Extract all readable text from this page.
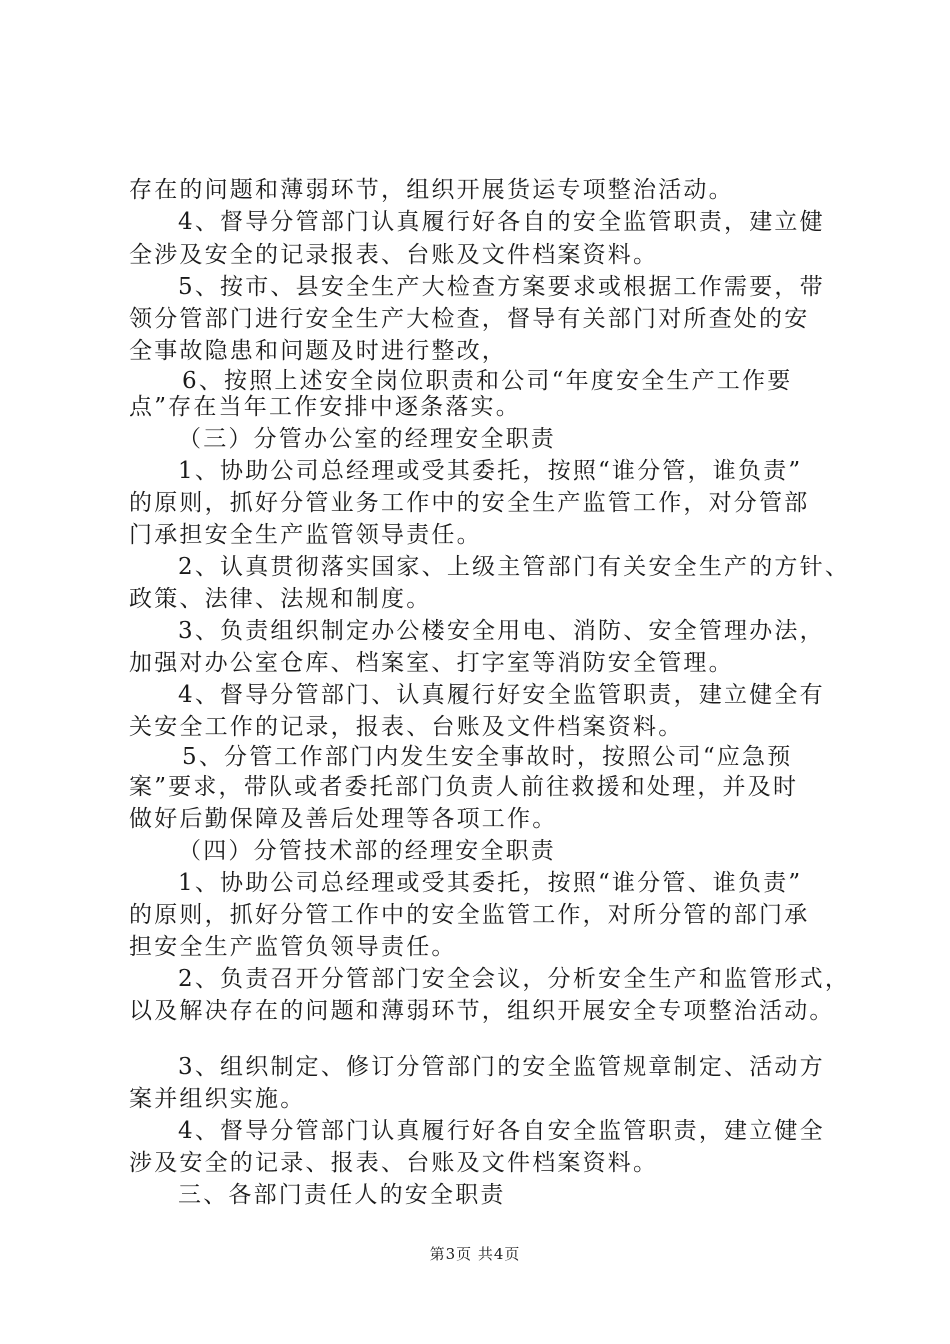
存在的问题和薄弱环节，组织开展货运专项整治活动。
4、督导分管部门认真履行好各自的安全监管职责，建立健
全涉及安全的记录报表、台账及文件档案资料。
5、按市、县安全生产大检查方案要求或根据工作需要，带
领分管部门进行安全生产大检查，督导有关部门对所查处的安
全事故隐患和问题及时进行整改，
6、按照上述安全岗位职责和公司“年度安全生产工作要
点”存在当年工作安排中逐条落实。
（三）分管办公室的经理安全职责
1、协助公司总经理或受其委托，按照“谁分管，谁负责”
的原则，抓好分管业务工作中的安全生产监管工作，对分管部
门承担安全生产监管领导责任。
2、认真贯彻落实国家、上级主管部门有关安全生产的方针、
政策、法律、法规和制度。
3、负责组织制定办公楼安全用电、消防、安全管理办法，
加强对办公室仓库、档案室、打字室等消防安全管理。
4、督导分管部门、认真履行好安全监管职责，建立健全有
关安全工作的记录，报表、台账及文件档案资料。
5、分管工作部门内发生安全事故时，按照公司“应急预
案”要求，带队或者委托部门负责人前往救援和处理，并及时
做好后勤保障及善后处理等各项工作。
（四）分管技术部的经理安全职责
1、协助公司总经理或受其委托，按照“谁分管、谁负责”
的原则，抓好分管工作中的安全监管工作，对所分管的部门承
担安全生产监管负领导责任。
2、负责召开分管部门安全会议，分析安全生产和监管形式，
以及解决存在的问题和薄弱环节，组织开展安全专项整治活动。
3、组织制定、修订分管部门的安全监管规章制定、活动方
案并组织实施。
4、督导分管部门认真履行好各自安全监管职责，建立健全
涉及安全的记录、报表、台账及文件档案资料。
三、各部门责任人的安全职责
第3页 共4页
